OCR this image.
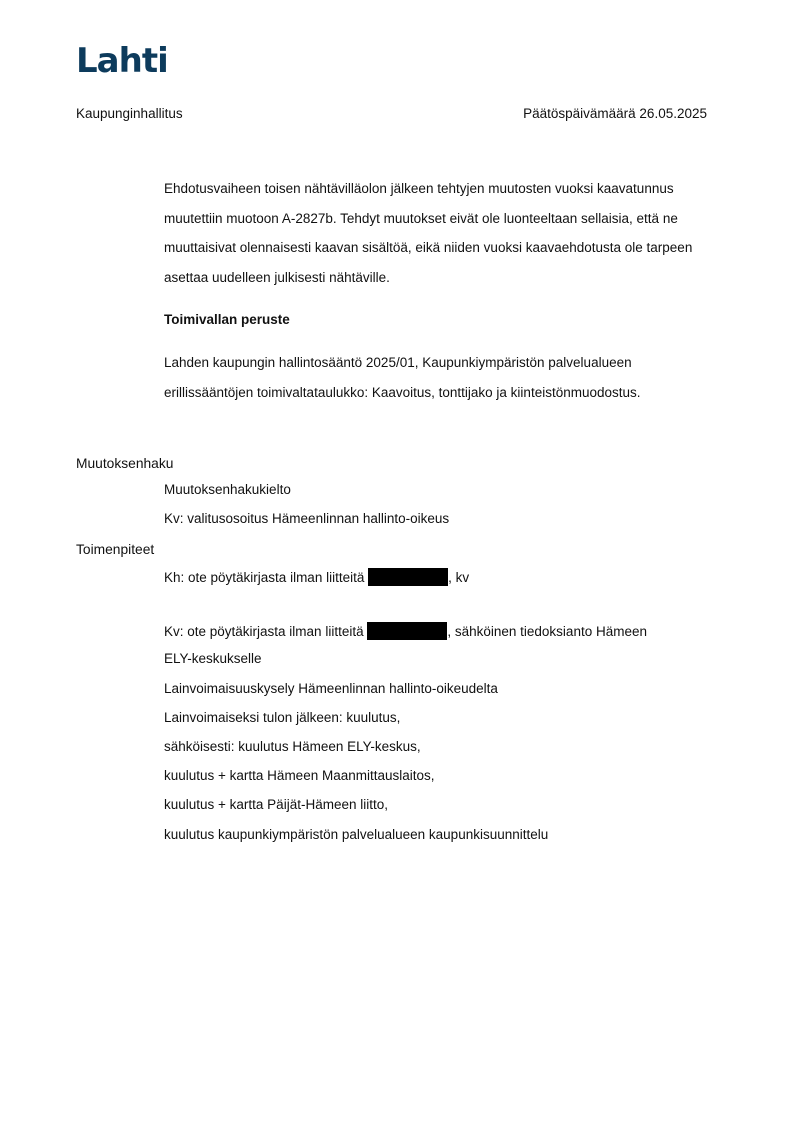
Lahti
Kaupunginhallitus	Päätöspäivämäärä 26.05.2025
Ehdotusvaiheen toisen nähtävilläolon jälkeen tehtyjen muutosten vuoksi kaavatunnus muutettiin muotoon A-2827b. Tehdyt muutokset eivät ole luonteeltaan sellaisia, että ne muuttaisivat olennaisesti kaavan sisältöä, eikä niiden vuoksi kaavaehdotusta ole tarpeen asettaa uudelleen julkisesti nähtäville.
Toimivallan peruste
Lahden kaupungin hallintosääntö 2025/01, Kaupunkiympäristön palvelualueen erillissääntöjen toimivaltataulukko: Kaavoitus, tonttijako ja kiinteistönmuodostus.
Muutoksenhaku
Muutoksenhakukielto
Kv: valitusosoitus Hämeenlinnan hallinto-oikeus
Toimenpiteet
Kh: ote pöytäkirjasta ilman liitteitä	, kv
Kv: ote pöytäkirjasta ilman liitteitä	, sähköinen tiedoksianto Hämeen
ELY-keskukselle
Lainvoimaisuuskysely Hämeenlinnan hallinto-oikeudelta
Lainvoimaiseksi tulon jälkeen: kuulutus,
sähköisesti: kuulutus Hämeen ELY-keskus,
kuulutus + kartta Hämeen Maanmittauslaitos,
kuulutus + kartta Päijät-Hämeen liitto,
kuulutus kaupunkiympäristön palvelualueen kaupunkisuunnittelu
